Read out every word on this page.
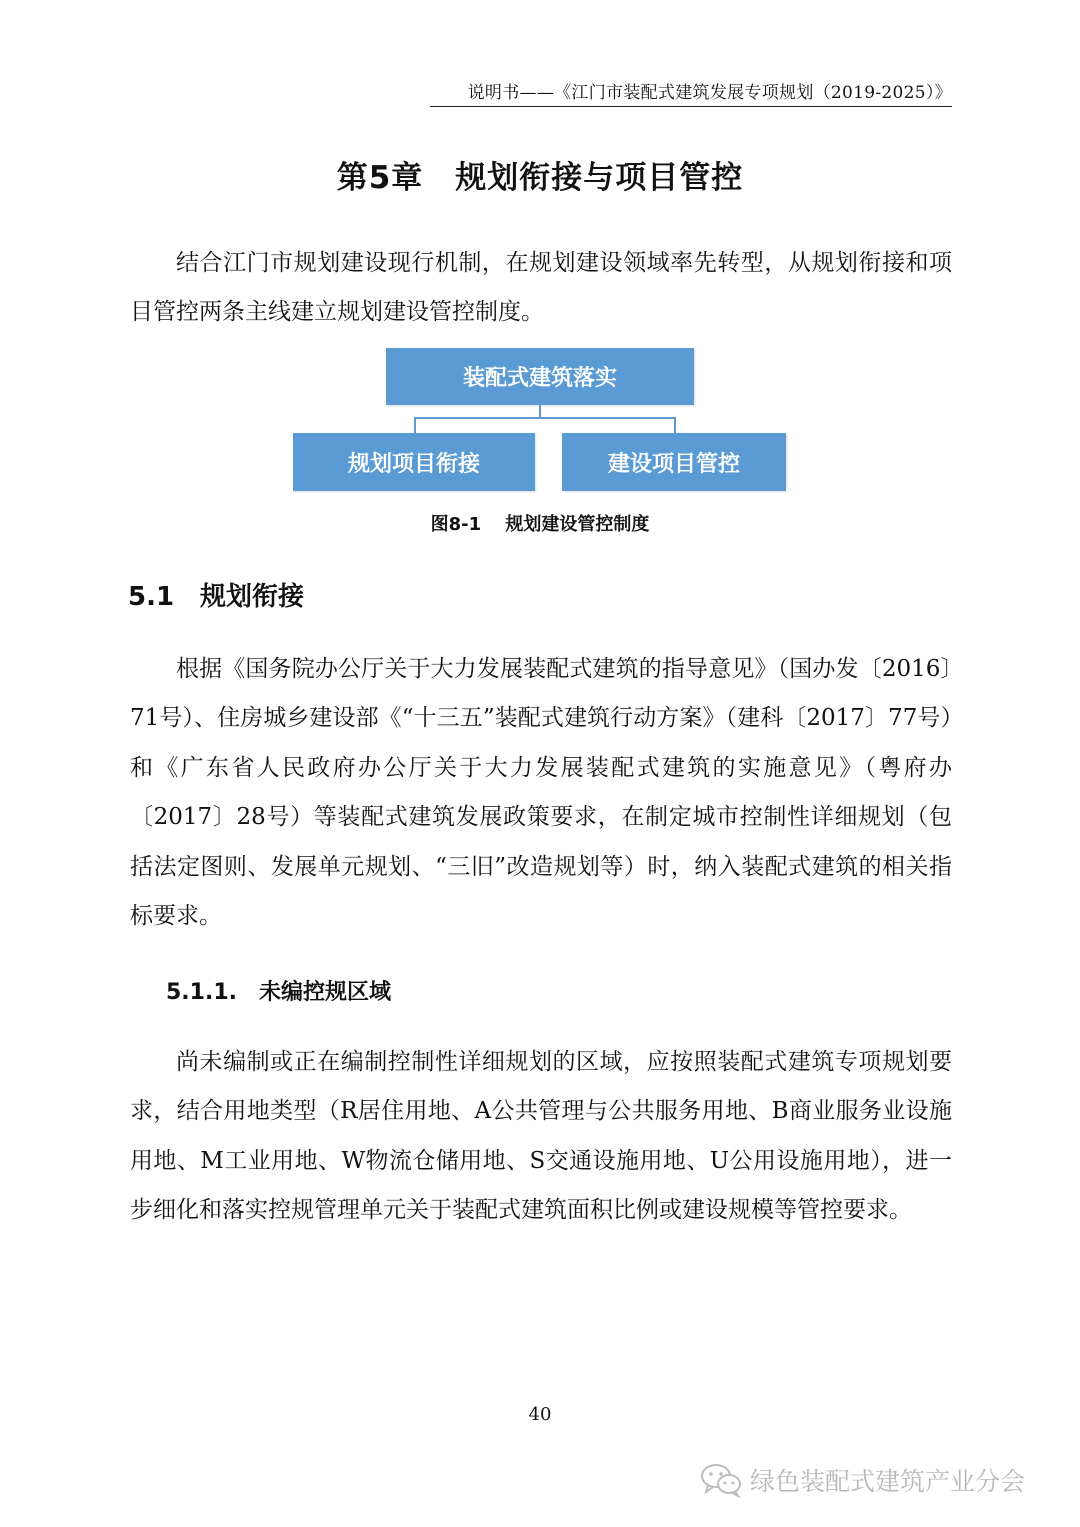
说明书——《江门市装配式建筑发展专项规划（2019-2025）》
第5章　规划衔接与项目管控

结合江门市规划建设现行机制，在规划建设领域率先转型，从规划衔接和项目管控两条主线建立规划建设管控制度。

装配式建筑落实
规划项目衔接	建设项目管控
图8-1　 规划建设管控制度
5.1　规划衔接

根据《国务院办公厅关于大力发展装配式建筑的指导意见》（国办发〔2016〕71号）、住房城乡建设部《“十三五”装配式建筑行动方案》（建科〔2017〕77号）和《广东省人民政府办公厅关于大力发展装配式建筑的实施意见》（粤府办〔2017〕28号）等装配式建筑发展政策要求，在制定城市控制性详细规划（包括法定图则、发展单元规划、“三旧”改造规划等）时，纳入装配式建筑的相关指标要求。

5.1.1.　未编控规区域

尚未编制或正在编制控制性详细规划的区域，应按照装配式建筑专项规划要求，结合用地类型（R居住用地、A公共管理与公共服务用地、B商业服务业设施用地、M工业用地、W物流仓储用地、S交通设施用地、U公用设施用地），进一步细化和落实控规管理单元关于装配式建筑面积比例或建设规模等管控要求。

40
绿色装配式建筑产业分会
